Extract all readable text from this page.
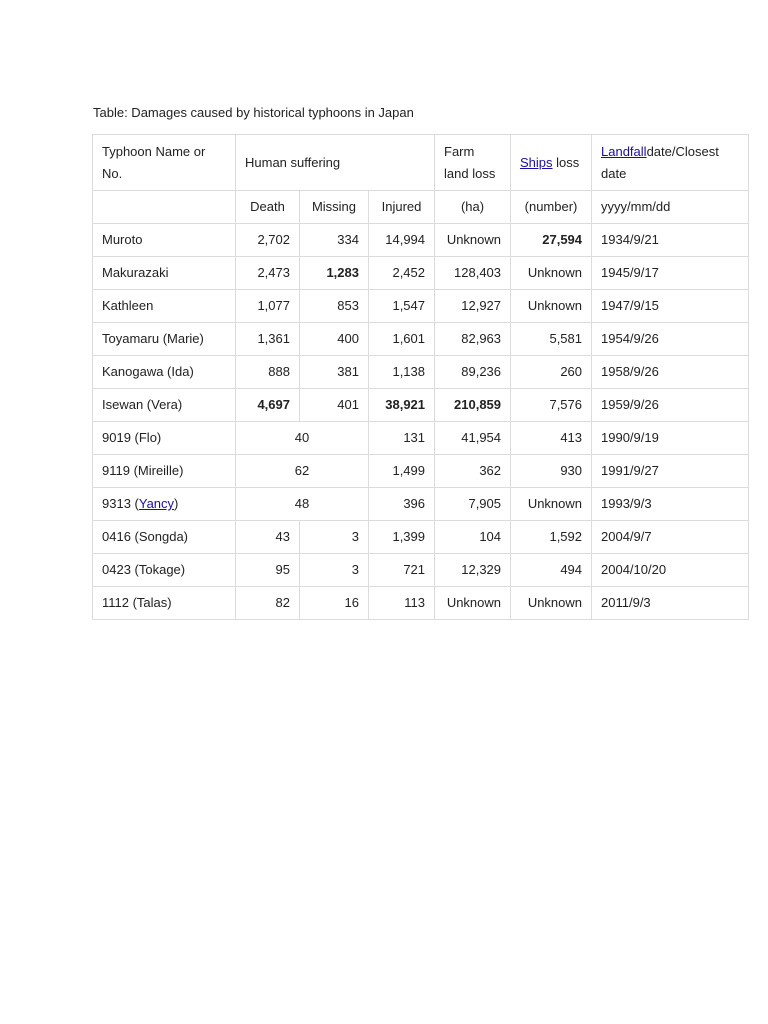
Table: Damages caused by historical typhoons in Japan
Typhoon Name or No.	Human suffering			Farm land loss	Ships loss	Landfalldate/Closest date
	Death	Missing	Injured	(ha)	(number)	yyyy/mm/dd
Muroto	2,702	334	14,994	Unknown	27,594	1934/9/21
Makurazaki	2,473	1,283	2,452	128,403	Unknown	1945/9/17
Kathleen	1,077	853	1,547	12,927	Unknown	1947/9/15
Toyamaru (Marie)	1,361	400	1,601	82,963	5,581	1954/9/26
Kanogawa (Ida)	888	381	1,138	89,236	260	1958/9/26
Isewan (Vera)	4,697	401	38,921	210,859	7,576	1959/9/26
9019 (Flo)	40		131	41,954	413	1990/9/19
9119 (Mireille)	62		1,499	362	930	1991/9/27
9313 (Yancy)	48		396	7,905	Unknown	1993/9/3
0416 (Songda)	43	3	1,399	104	1,592	2004/9/7
0423 (Tokage)	95	3	721	12,329	494	2004/10/20
1112 (Talas)	82	16	113	Unknown	Unknown	2011/9/3
